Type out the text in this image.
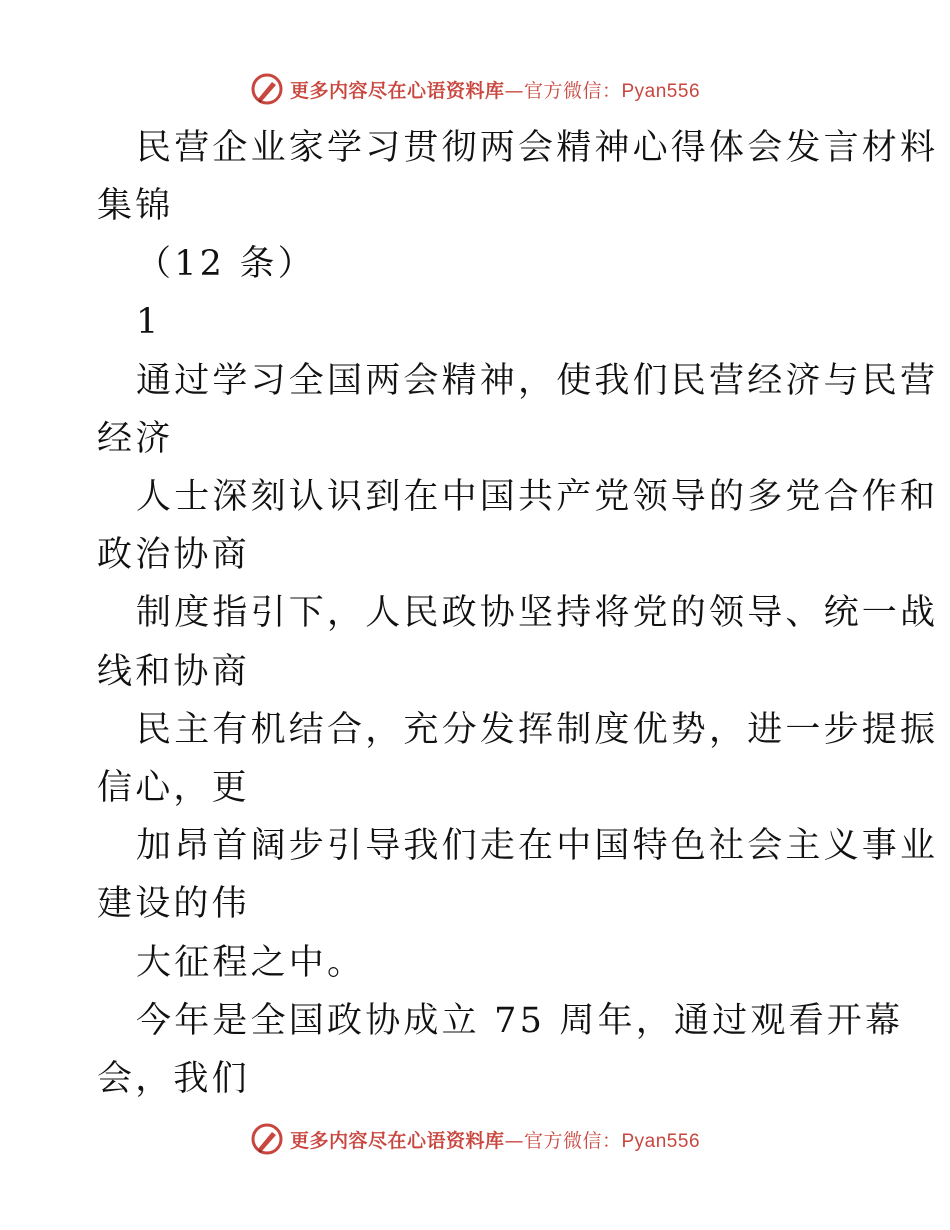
更多内容尽在心语资料库—官方微信：Pyan556
民营企业家学习贯彻两会精神心得体会发言材料
集锦
（12 条）
1
通过学习全国两会精神，使我们民营经济与民营
经济
人士深刻认识到在中国共产党领导的多党合作和
政治协商
制度指引下，人民政协坚持将党的领导、统一战
线和协商
民主有机结合，充分发挥制度优势，进一步提振
信心，更
加昂首阔步引导我们走在中国特色社会主义事业
建设的伟
大征程之中。
今年是全国政协成立 75 周年，通过观看开幕
会，我们
更多内容尽在心语资料库—官方微信：Pyan556
